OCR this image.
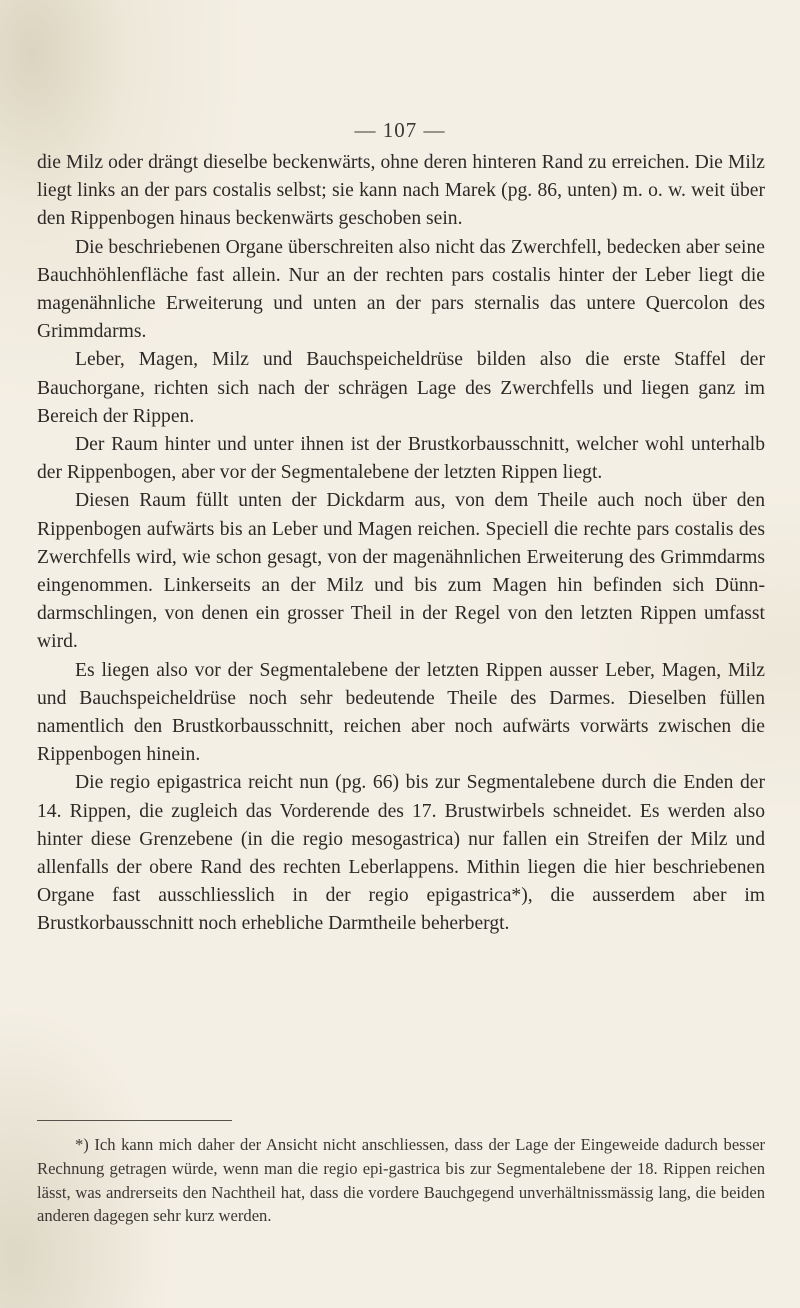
— 107 —

die Milz oder drängt dieselbe beckenwärts, ohne deren hinteren Rand zu erreichen. Die Milz liegt links an der pars costalis selbst; sie kann nach Marek (pg. 86, unten) m. o. w. weit über den Rippenbogen hinaus beckenwärts geschoben sein.

Die beschriebenen Organe überschreiten also nicht das Zwerchfell, bedecken aber seine Bauchhöhlenfläche fast allein. Nur an der rechten pars costalis hinter der Leber liegt die magenähnliche Erweiterung und unten an der pars sternalis das untere Quercolon des Grimmdarms.

Leber, Magen, Milz und Bauchspeicheldrüse bilden also die erste Staffel der Bauchorgane, richten sich nach der schrägen Lage des Zwerchfells und liegen ganz im Bereich der Rippen.

Der Raum hinter und unter ihnen ist der Brustkorbausschnitt, welcher wohl unterhalb der Rippenbogen, aber vor der Segmentalebene der letzten Rippen liegt.

Diesen Raum füllt unten der Dickdarm aus, von dem Theile auch noch über den Rippenbogen aufwärts bis an Leber und Magen reichen. Speciell die rechte pars costalis des Zwerchfells wird, wie schon gesagt, von der magenähnlichen Erweiterung des Grimmdarms eingenommen. Linkerseits an der Milz und bis zum Magen hin befinden sich Dünn-darmschlingen, von denen ein grosser Theil in der Regel von den letzten Rippen umfasst wird.

Es liegen also vor der Segmentalebene der letzten Rippen ausser Leber, Magen, Milz und Bauchspeicheldrüse noch sehr bedeutende Theile des Darmes. Dieselben füllen namentlich den Brustkorbausschnitt, reichen aber noch aufwärts vorwärts zwischen die Rippenbogen hinein.

Die regio epigastrica reicht nun (pg. 66) bis zur Segmentalebene durch die Enden der 14. Rippen, die zugleich das Vorderende des 17. Brustwirbels schneidet. Es werden also hinter diese Grenzebene (in die regio mesogastrica) nur fallen ein Streifen der Milz und allenfalls der obere Rand des rechten Leberlappens. Mithin liegen die hier beschriebenen Organe fast ausschliesslich in der regio epigastrica*), die ausserdem aber im Brustkorbausschnitt noch erhebliche Darmtheile beherbergt.

*) Ich kann mich daher der Ansicht nicht anschliessen, dass der Lage der Eingeweide dadurch besser Rechnung getragen würde, wenn man die regio epi-gastrica bis zur Segmentalebene der 18. Rippen reichen lässt, was andrerseits den Nachtheil hat, dass die vordere Bauchgegend unverhältnissmässig lang, die beiden anderen dagegen sehr kurz werden.
